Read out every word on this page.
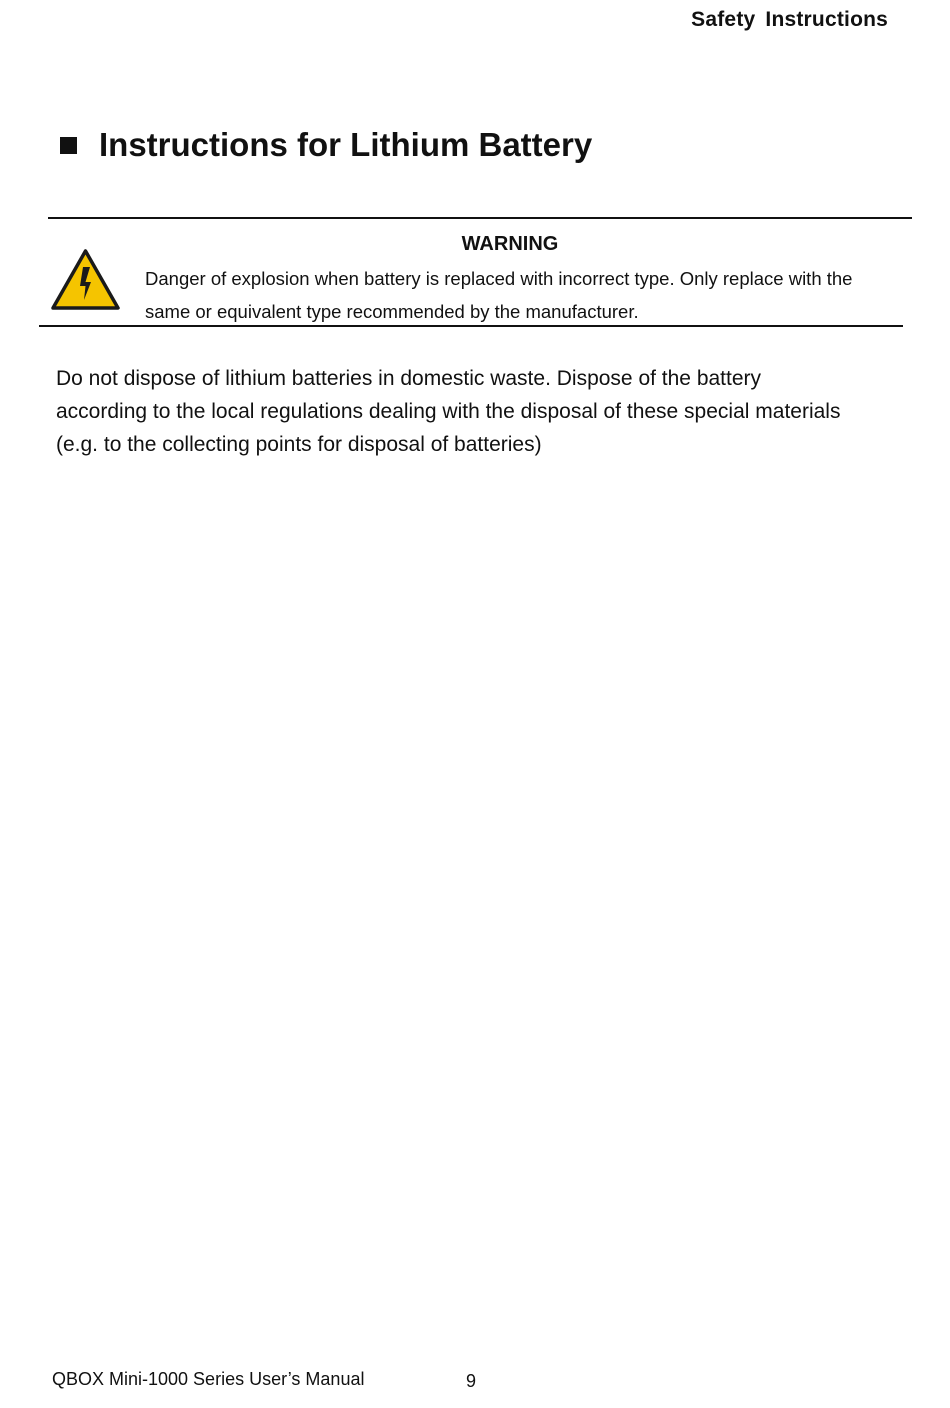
Safety Instructions
Instructions for Lithium Battery
WARNING
Danger of explosion when battery is replaced with incorrect type. Only replace with the same or equivalent type recommended by the manufacturer.
Do not dispose of lithium batteries in domestic waste. Dispose of the battery according to the local regulations dealing with the disposal of these special materials (e.g. to the collecting points for disposal of batteries)
QBOX Mini-1000 Series User’s Manual	9
